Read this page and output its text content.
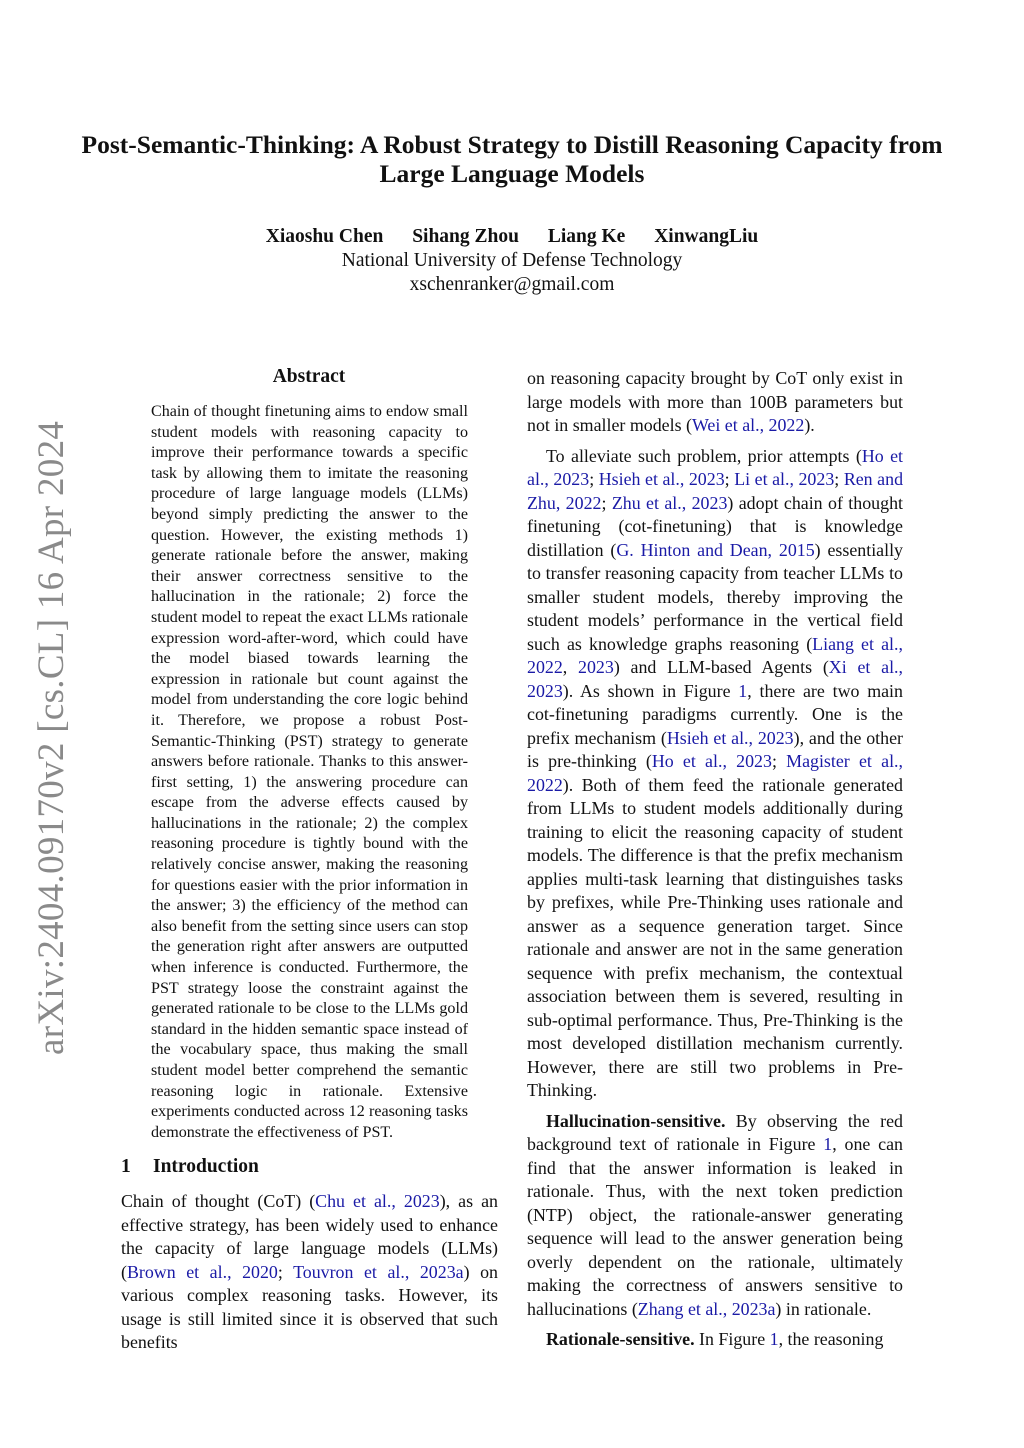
arXiv:2404.09170v2 [cs.CL] 16 Apr 2024
Post-Semantic-Thinking: A Robust Strategy to Distill Reasoning Capacity from Large Language Models
Xiaoshu Chen Sihang Zhou Liang Ke XinwangLiu
National University of Defense Technology
xschenranker@gmail.com
Abstract
Chain of thought finetuning aims to endow small student models with reasoning capacity to improve their performance towards a specific task by allowing them to imitate the reasoning procedure of large language models (LLMs) beyond simply predicting the answer to the question. However, the existing methods 1) generate rationale before the answer, making their answer correctness sensitive to the hallucination in the rationale; 2) force the student model to repeat the exact LLMs rationale expression word-after-word, which could have the model biased towards learning the expression in rationale but count against the model from understanding the core logic behind it. Therefore, we propose a robust Post-Semantic-Thinking (PST) strategy to generate answers before rationale. Thanks to this answer-first setting, 1) the answering procedure can escape from the adverse effects caused by hallucinations in the rationale; 2) the complex reasoning procedure is tightly bound with the relatively concise answer, making the reasoning for questions easier with the prior information in the answer; 3) the efficiency of the method can also benefit from the setting since users can stop the generation right after answers are outputted when inference is conducted. Furthermore, the PST strategy loose the constraint against the generated rationale to be close to the LLMs gold standard in the hidden semantic space instead of the vocabulary space, thus making the small student model better comprehend the semantic reasoning logic in rationale. Extensive experiments conducted across 12 reasoning tasks demonstrate the effectiveness of PST.
1 Introduction

Chain of thought (CoT) (Chu et al., 2023), as an effective strategy, has been widely used to enhance the capacity of large language models (LLMs) (Brown et al., 2020; Touvron et al., 2023a) on various complex reasoning tasks. However, its usage is still limited since it is observed that such benefits

on reasoning capacity brought by CoT only exist in large models with more than 100B parameters but not in smaller models (Wei et al., 2022).

To alleviate such problem, prior attempts (Ho et al., 2023; Hsieh et al., 2023; Li et al., 2023; Ren and Zhu, 2022; Zhu et al., 2023) adopt chain of thought finetuning (cot-finetuning) that is knowledge distillation (G. Hinton and Dean, 2015) essentially to transfer reasoning capacity from teacher LLMs to smaller student models, thereby improving the student models’ performance in the vertical field such as knowledge graphs reasoning (Liang et al., 2022, 2023) and LLM-based Agents (Xi et al., 2023). As shown in Figure 1, there are two main cot-finetuning paradigms currently. One is the prefix mechanism (Hsieh et al., 2023), and the other is pre-thinking (Ho et al., 2023; Magister et al., 2022). Both of them feed the rationale generated from LLMs to student models additionally during training to elicit the reasoning capacity of student models. The difference is that the prefix mechanism applies multi-task learning that distinguishes tasks by prefixes, while Pre-Thinking uses rationale and answer as a sequence generation target. Since rationale and answer are not in the same generation sequence with prefix mechanism, the contextual association between them is severed, resulting in sub-optimal performance. Thus, Pre-Thinking is the most developed distillation mechanism currently. However, there are still two problems in Pre-Thinking.

Hallucination-sensitive. By observing the red background text of rationale in Figure 1, one can find that the answer information is leaked in rationale. Thus, with the next token prediction (NTP) object, the rationale-answer generating sequence will lead to the answer generation being overly dependent on the rationale, ultimately making the correctness of answers sensitive to hallucinations (Zhang et al., 2023a) in rationale.

Rationale-sensitive. In Figure 1, the reasoning
